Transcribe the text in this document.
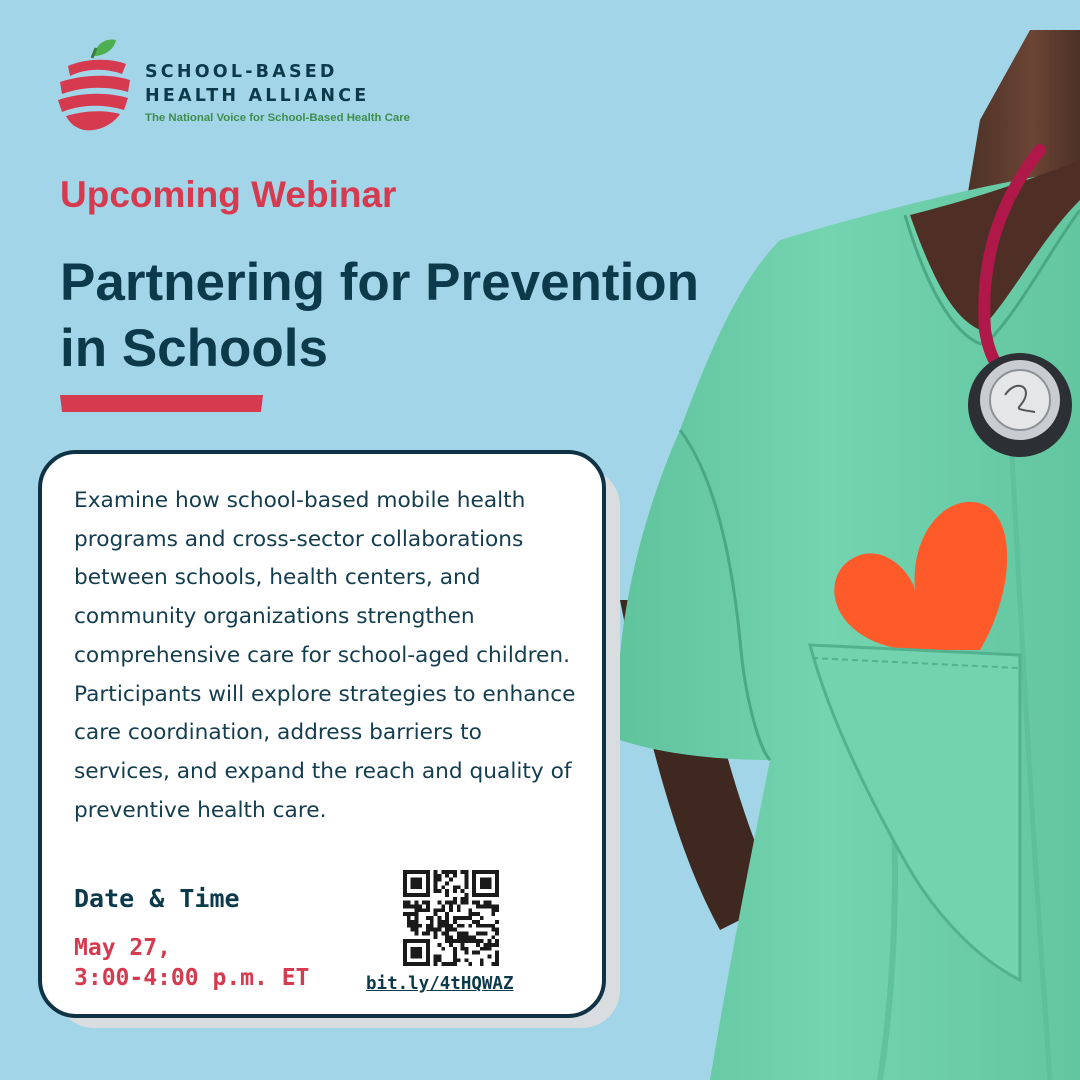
SCHOOL-BASED
HEALTH ALLIANCE
The National Voice for School-Based Health Care
Upcoming Webinar
Partnering for Prevention
in Schools

Examine how school-based mobile health programs and cross-sector collaborations between schools, health centers, and community organizations strengthen comprehensive care for school-aged children. Participants will explore strategies to enhance care coordination, address barriers to services, and expand the reach and quality of preventive health care.

Date & Time

May 27,
3:00-4:00 p.m. ET	bit.ly/4tHQWAZ
